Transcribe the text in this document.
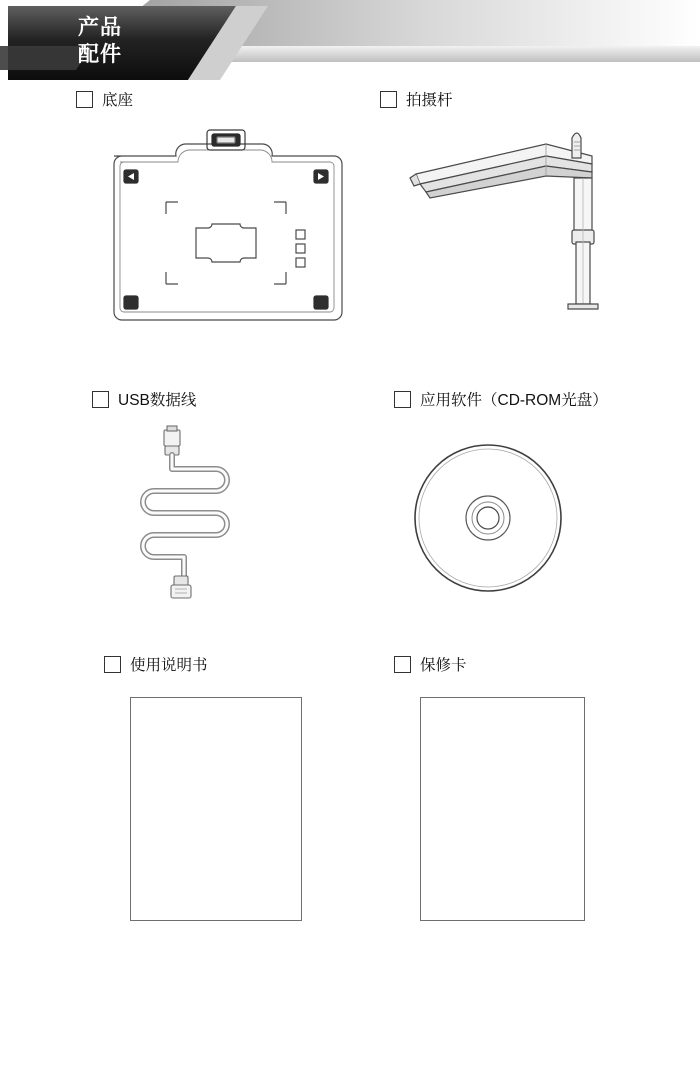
产品
配件
底座	拍摄杆
USB数据线	应用软件（CD-ROM光盘）
使用说明书	保修卡
